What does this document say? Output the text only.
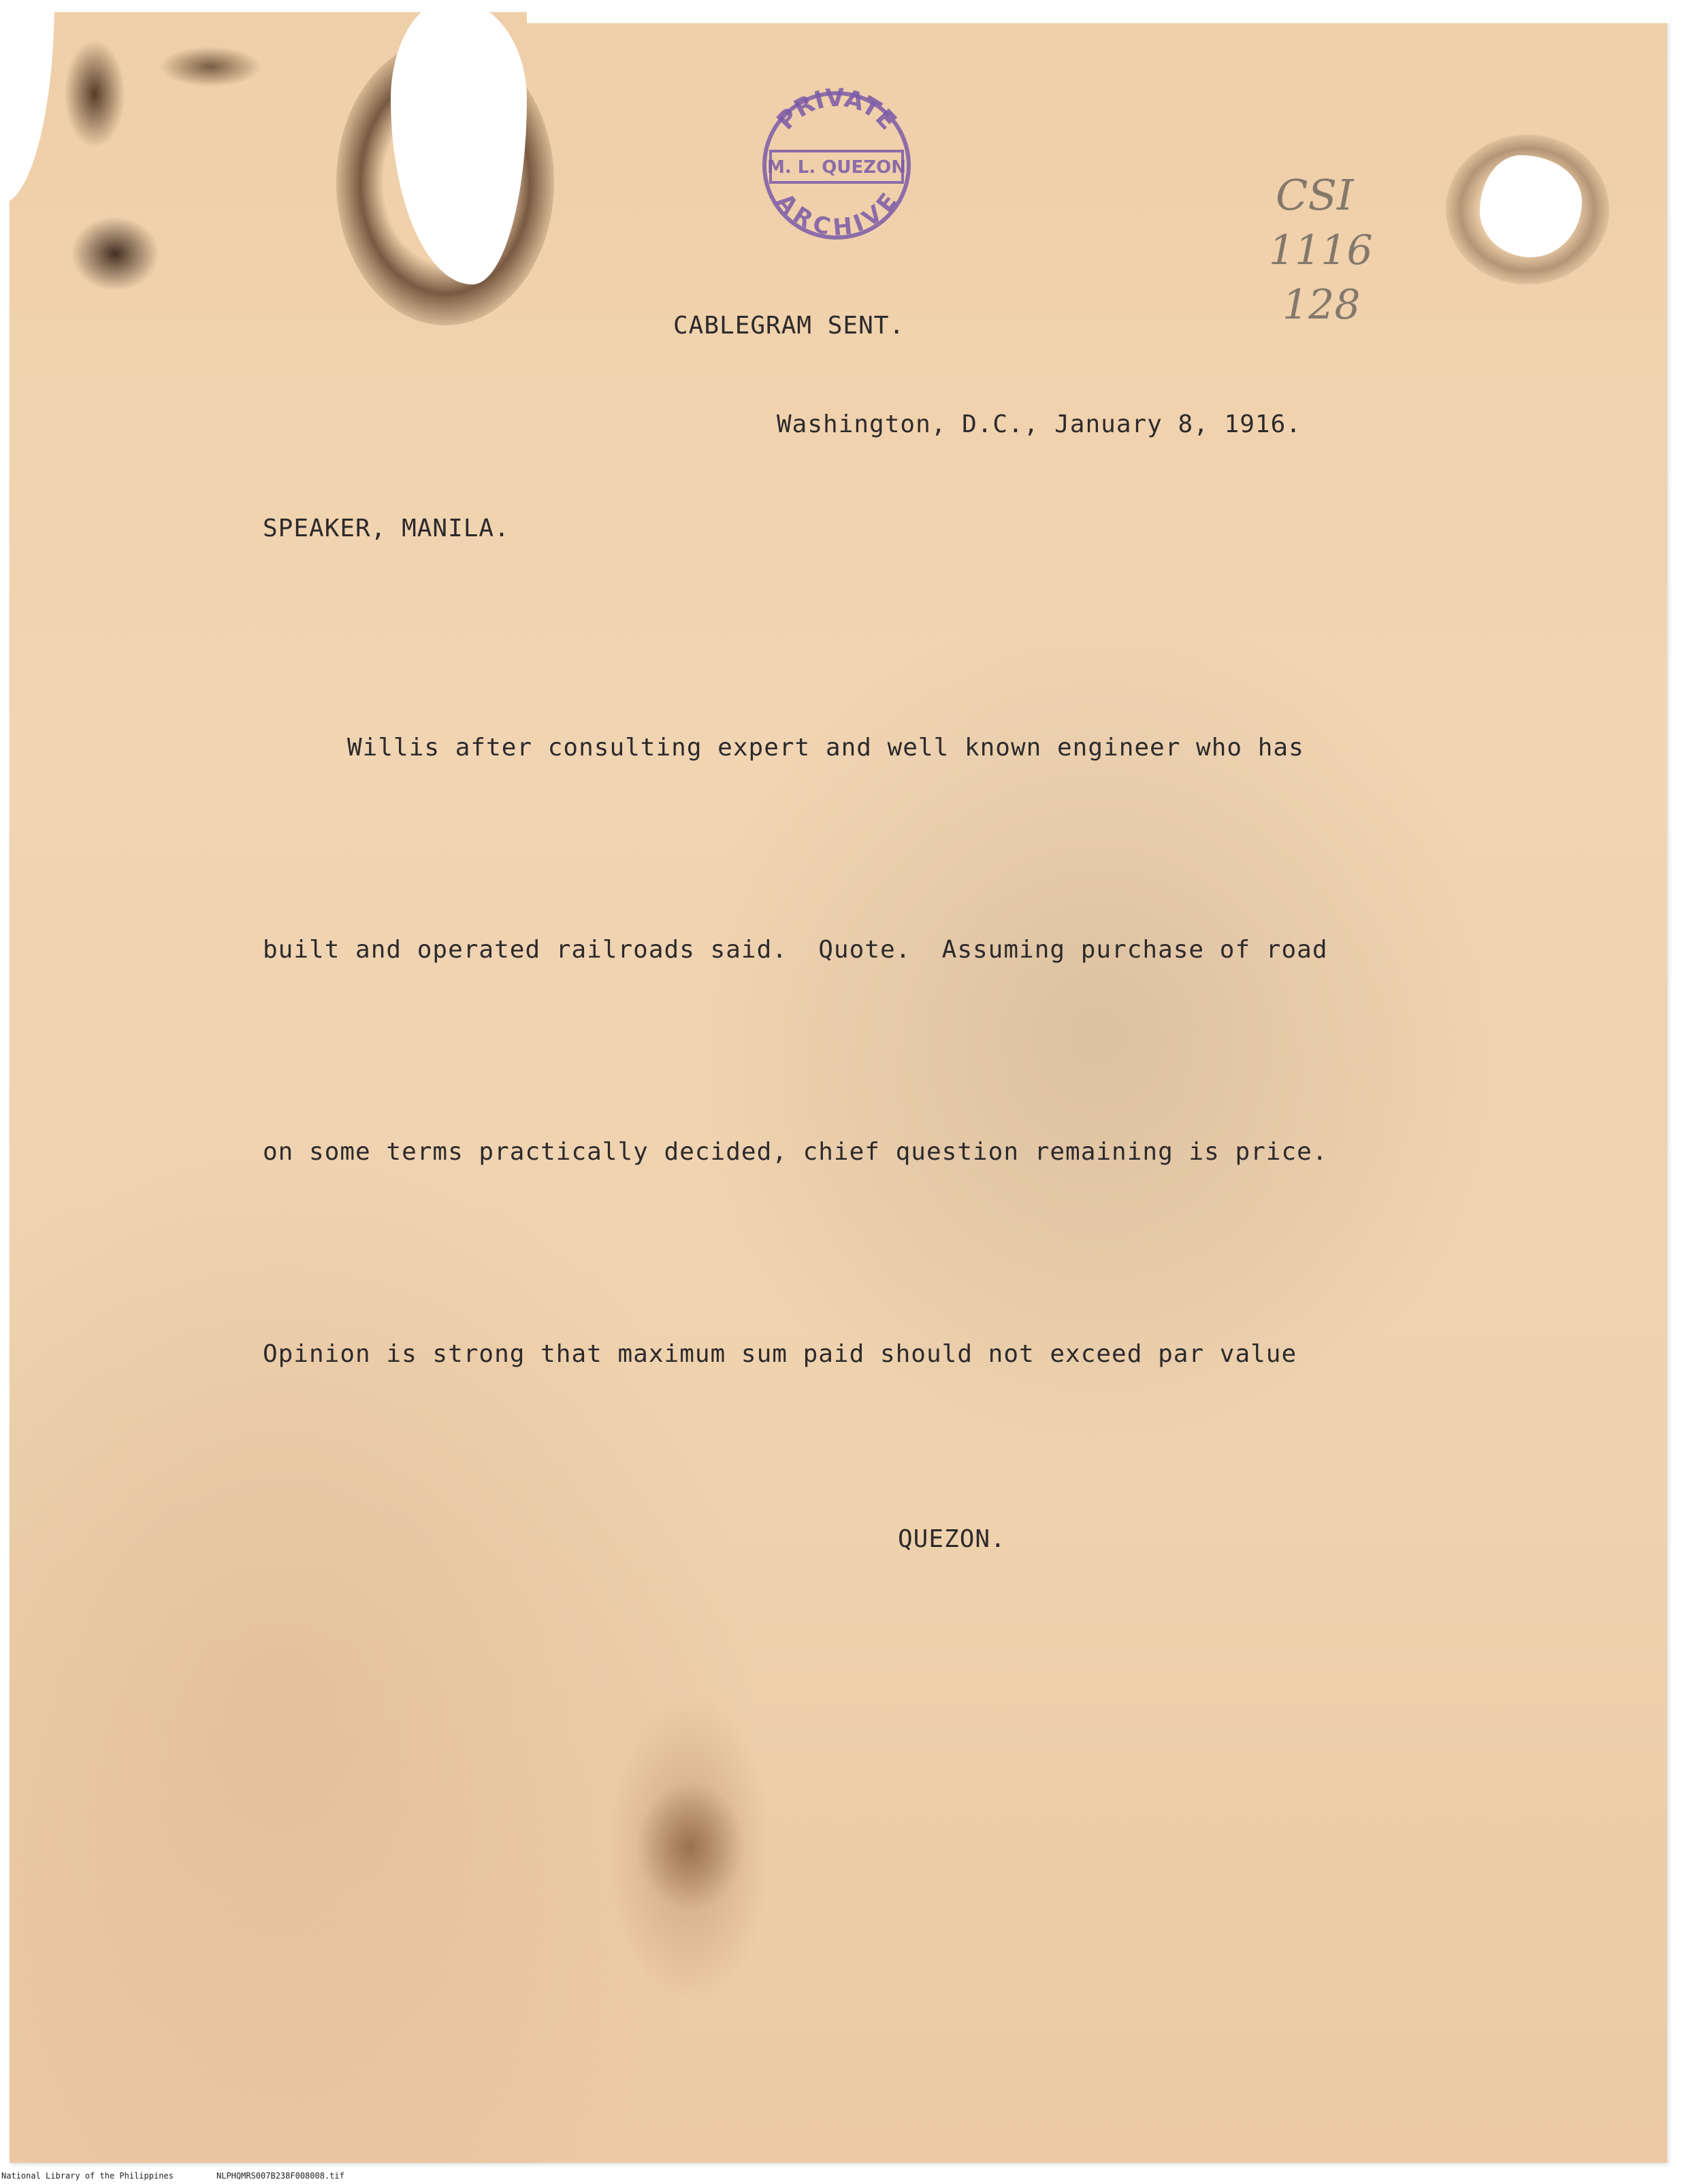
PRIVATE
M. L. QUEZON
ARCHIVE	CSI
1116
128

CABLEGRAM SENT.

Washington, D.C., January 8, 1916.

SPEAKER, MANILA.

Willis after consulting expert and well known engineer who has

built and operated railroads said.  Quote.  Assuming purchase of road

on some terms practically decided, chief question remaining is price.

Opinion is strong that maximum sum paid should not exceed par value

QUEZON.

National Library of the Philippines	NLPHQMRS007B238F008008.tif
